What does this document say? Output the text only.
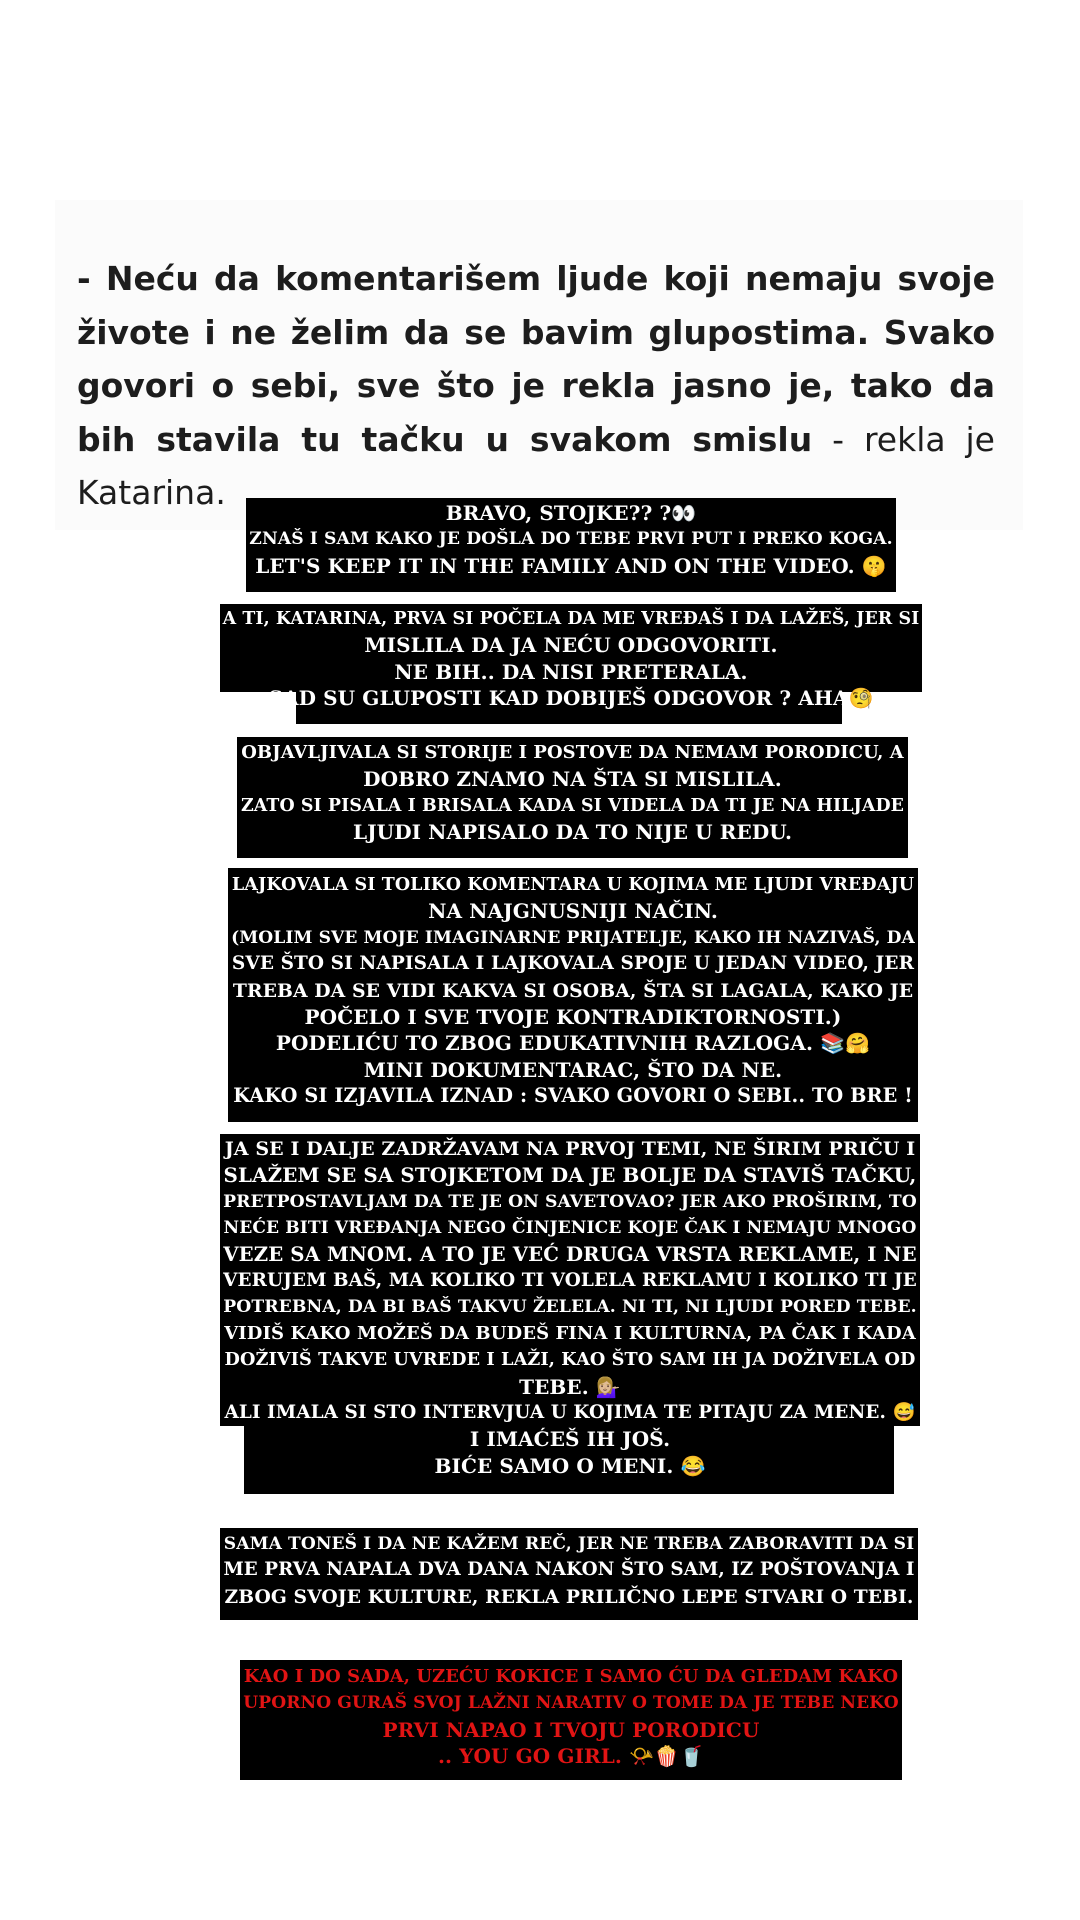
- Neću da komentarišem ljude koji nemaju svoje živote i ne želim da se bavim glupostima. Svako govori o sebi, sve što je rekla jasno je, tako da bih stavila tu tačku u svakom smislu - rekla je Katarina.

BRAVO, STOJKE?? ?👀
ZNAŠ I SAM KAKO JE DOŠLA DO TEBE PRVI PUT I PREKO KOGA.
LET'S KEEP IT IN THE FAMILY AND ON THE VIDEO. 🤫
A TI, KATARINA, PRVA SI POČELA DA ME VREĐAŠ I DA LAŽEŠ, JER SI
MISLILA DA JA NEĆU ODGOVORITI.
NE BIH.. DA NISI PRETERALA.
SAD SU GLUPOSTI KAD DOBIJEŠ ODGOVOR ? AHA🧐
OBJAVLJIVALA SI STORIJE I POSTOVE DA NEMAM PORODICU, A
DOBRO ZNAMO NA ŠTA SI MISLILA.
ZATO SI PISALA I BRISALA KADA SI VIDELA DA TI JE NA HILJADE
LJUDI NAPISALO DA TO NIJE U REDU.
LAJKOVALA SI TOLIKO KOMENTARA U KOJIMA ME LJUDI VREĐAJU
NA NAJGNUSNIJI NAČIN.
(MOLIM SVE MOJE IMAGINARNE PRIJATELJE, KAKO IH NAZIVAŠ, DA
SVE ŠTO SI NAPISALA I LAJKOVALA SPOJE U JEDAN VIDEO, JER
TREBA DA SE VIDI KAKVA SI OSOBA, ŠTA SI LAGALA, KAKO JE
POČELO I SVE TVOJE KONTRADIKTORNOSTI.)
PODELIĆU TO ZBOG EDUKATIVNIH RAZLOGA. 📚🤗
MINI DOKUMENTARAC, ŠTO DA NE.
KAKO SI IZJAVILA IZNAD : SVAKO GOVORI O SEBI.. TO BRE !
JA SE I DALJE ZADRŽAVAM NA PRVOJ TEMI, NE ŠIRIM PRIČU I
SLAŽEM SE SA STOJKETOM DA JE BOLJE DA STAVIŠ TAČKU,
PRETPOSTAVLJAM DA TE JE ON SAVETOVAO? JER AKO PROŠIRIM, TO
NEĆE BITI VREĐANJA NEGO ČINJENICE KOJE ČAK I NEMAJU MNOGO
VEZE SA MNOM. A TO JE VEĆ DRUGA VRSTA REKLAME, I NE
VERUJEM BAŠ, MA KOLIKO TI VOLELA REKLAMU I KOLIKO TI JE
POTREBNA, DA BI BAŠ TAKVU ŽELELA. NI TI, NI LJUDI PORED TEBE.
VIDIŠ KAKO MOŽEŠ DA BUDEŠ FINA I KULTURNA, PA ČAK I KADA
DOŽIVIŠ TAKVE UVREDE I LAŽI, KAO ŠTO SAM IH JA DOŽIVELA OD
TEBE. 💁🏼‍♀️
ALI IMALA SI STO INTERVJUA U KOJIMA TE PITAJU ZA MENE. 😅
I IMAĆEŠ IH JOŠ.
BIĆE SAMO O MENI. 😂
SAMA TONEŠ I DA NE KAŽEM REČ, JER NE TREBA ZABORAVITI DA SI
ME PRVA NAPALA DVA DANA NAKON ŠTO SAM, IZ POŠTOVANJA I
ZBOG SVOJE KULTURE, REKLA PRILIČNO LEPE STVARI O TEBI.
KAO I DO SADA, UZEĆU KOKICE I SAMO ĆU DA GLEDAM KAKO
UPORNO GURAŠ SVOJ LAŽNI NARATIV O TOME DA JE TEBE NEKO
PRVI NAPAO I TVOJU PORODICU
.. YOU GO GIRL. 📯🍿🥤
